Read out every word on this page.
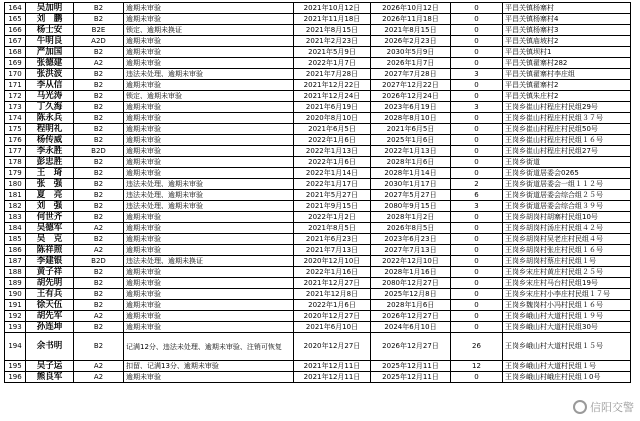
164	吴加明	B2	逾期未审验	2021年10月12日	2026年10月12日	0	平昌关镇杨寨村
165	刘　鹏	B2	逾期未审验	2021年11月18日	2026年11月18日	0	平昌关镇杨寨村4
166	杨士安	B2E	锁定、逾期未换证	2021年8月15日	2021年8月15日	0	平昌关镇杨寨村3
167	牛明良	A2D	逾期未审验	2021年2月23日	2026年2月23日	0	平昌关镇庙坡村2
168	严加国	B2	逾期未审验	2021年5月9日	2030年5月9日	0	平昌关镇坝村1
169	张德建	A2	逾期未审验	2022年1月7日	2026年1月7日	0	平昌关镇翟寨村282
170	张洪波	B2	违法未处理、逾期未审验	2021年7月28日	2027年7月28日	3	平昌关镇翟寨村李庄组
171	李从信	B2	逾期未审验	2021年12月22日	2027年12月22日	0	平昌关镇翟寨村2
172	马光涛	B2	锁定、逾期未审验	2021年12月24日	2026年12月24日	0	平昌关镇朱庄村2
173	丁久海	B2	逾期未审验	2021年6月19日	2023年6月19日	3	王岗乡崔山村程庄村民组29号
174	陈永兵	B2	逾期未审验	2020年8月10日	2028年8月10日	0	王岗乡崔山村程庄村民组３７号
175	程明礼	B2	逾期未审验	2021年6月5日	2021年6月5日	0	王岗乡崔山村程庄村民组50号
176	杨传威	B2	逾期未审验	2022年1月6日	2025年1月6日	0	王岗乡崔山村程庄村民组１６号
177	李永胜	B2D	逾期未审验	2022年1月13日	2022年1月13日	0	王岗乡崔山村程庄村民组27号
178	彭忠胜	B2	逾期未审验	2022年1月6日	2028年1月6日	0	王岗乡街道
179	王　琦	B2	逾期未审验	2022年1月14日	2028年1月14日	0	王岗乡街道居委会0265
180	张　强	B2	违法未处理、逾期未审验	2022年1月17日	2030年1月17日	2	王岗乡街道居委会一组１１２号
181	夏　亮	B2	违法未处理、逾期未审验	2021年5月27日	2027年5月27日	6	王岗乡街道居委会综合组２５号
182	刘　强	B2	违法未处理、逾期未审验	2021年9月15日	2080年9月15日	3	王岗乡街道居委会综合组３９号
183	何世齐	B2	逾期未审验	2022年1月2日	2028年1月2日	0	王岗乡胡岗村胡寨村民组10号
184	吴德军	A2	逾期未审验	2021年8月5日	2026年8月5日	0	王岗乡胡岗村汤庄村民组４２号
185	吴　克	B2	逾期未审验	2021年6月23日	2023年6月23日	0	王岗乡胡岗村吴老庄村民组４号
186	陈祥照	A2	逾期未审验	2021年7月13日	2027年7月13日	0	王岗乡胡岗村张庄村民组１６号
187	李建银	B2D	违法未处理、逾期未换证	2020年12月10日	2022年12月10日	0	王岗乡胡岗村蔡庄村民组１号
188	黄子祥	B2	逾期未审验	2022年1月16日	2028年1月16日	0	王岗乡宋庄村黄庄村民组２５号
189	胡先明	B2	逾期未审验	2021年12月27日	2080年12月27日	0	王岗乡宋庄村马台村民组19号
190	王有兵	B2	逾期未审验	2021年12月8日	2025年12月8日	0	王岗乡宋庄村小李庄村民组１７号
191	徐天伍	B2	逾期未审验	2022年1月6日	2028年1月6日	0	王岗乡魏岗村小冯村民组１６号
192	胡先军	A2	逾期未审验	2020年12月27日	2026年12月27日	0	王岗乡峨山村大道村民组１９号
193	孙连坤	B2	逾期未审验	2021年6月10日	2024年6月10日	0	王岗乡峨山村大道村民组30号
194	余书明	B2	记满12分、违法未处理、逾期未审验、注销可恢复	2020年12月27日	2026年12月27日	26	王岗乡峨山村大道村民组１５号
195	吴子运	A2	扣留、记满13分、逾期未审验	2021年12月11日	2025年12月11日	12	王岗乡峨山村大道村民组１号
196	熊良军	A2	逾期未审验	2021年12月11日	2025年12月11日	0	王岗乡峨山村峨庄村民组１0号
信阳交警
